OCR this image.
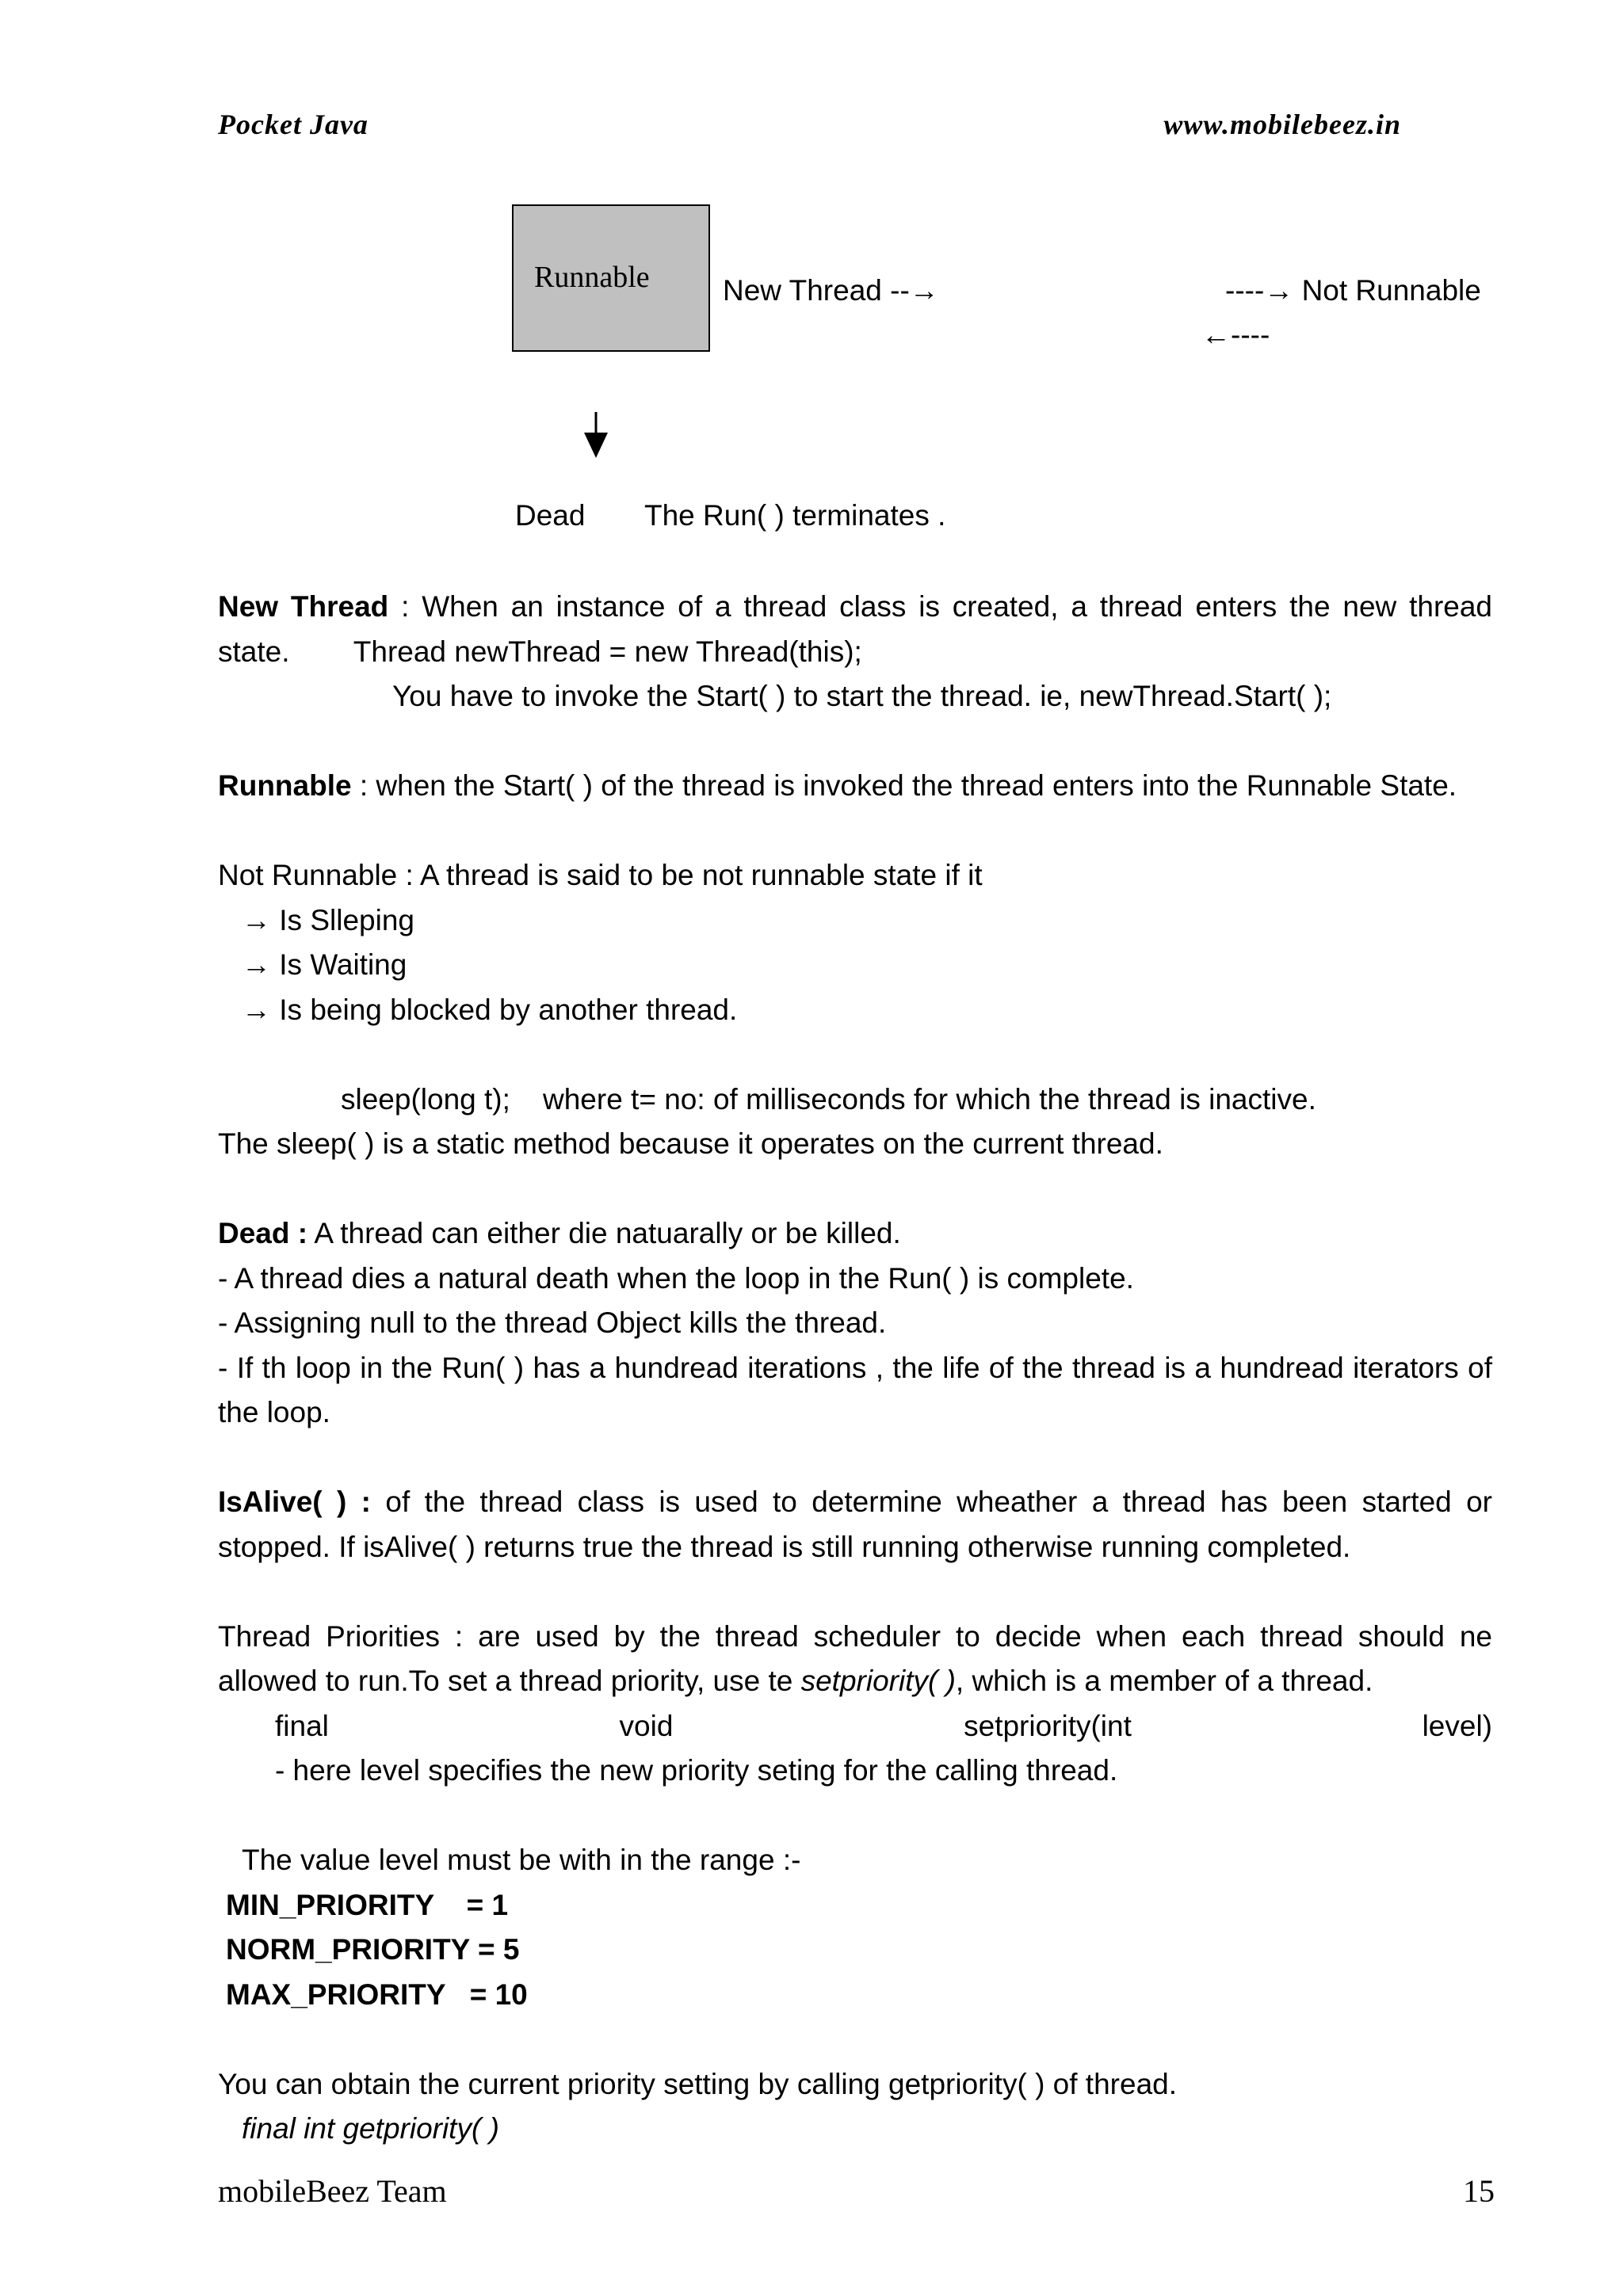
Pocket Java	www.mobilebeez.in
Runnable New Thread --→	----→ Not Runnable
←----
Dead The Run( ) terminates .

New Thread : When an instance of a thread class is created, a thread enters the new thread state. Thread newThread = new Thread(this);

You have to invoke the Start( ) to start the thread. ie, newThread.Start( );

Runnable : when the Start( ) of the thread is invoked the thread enters into the Runnable State.

Not Runnable : A thread is said to be not runnable state if it

→ Is Slleping

→ Is Waiting

→ Is being blocked by another thread.

sleep(long t);    where t= no: of milliseconds for which the thread is inactive.

The sleep( ) is a static method because it operates on the current thread.

Dead : A thread can either die natuarally or be killed.

- A thread dies a natural death when the loop in the Run( ) is complete.

- Assigning null to the thread Object kills the thread.

- If th loop in the Run( ) has a hundread iterations , the life of the thread is a hundread iterators of the loop.

IsAlive( ) : of the thread class is used to determine wheather a thread has been started or stopped. If isAlive( ) returns true the thread is still running otherwise running completed.

Thread Priorities : are used by the thread scheduler to decide when each thread should ne allowed to run.To set a thread priority, use te setpriority( ), which is a member of a thread.

final void setpriority(int level)       - here level specifies the new priority seting for the calling thread.

The value level must be with in the range :-

MIN_PRIORITY    = 1

NORM_PRIORITY = 5

MAX_PRIORITY   = 10

You can obtain the current priority setting by calling getpriority( ) of thread.

final int getpriority( )

mobileBeez Team	15
